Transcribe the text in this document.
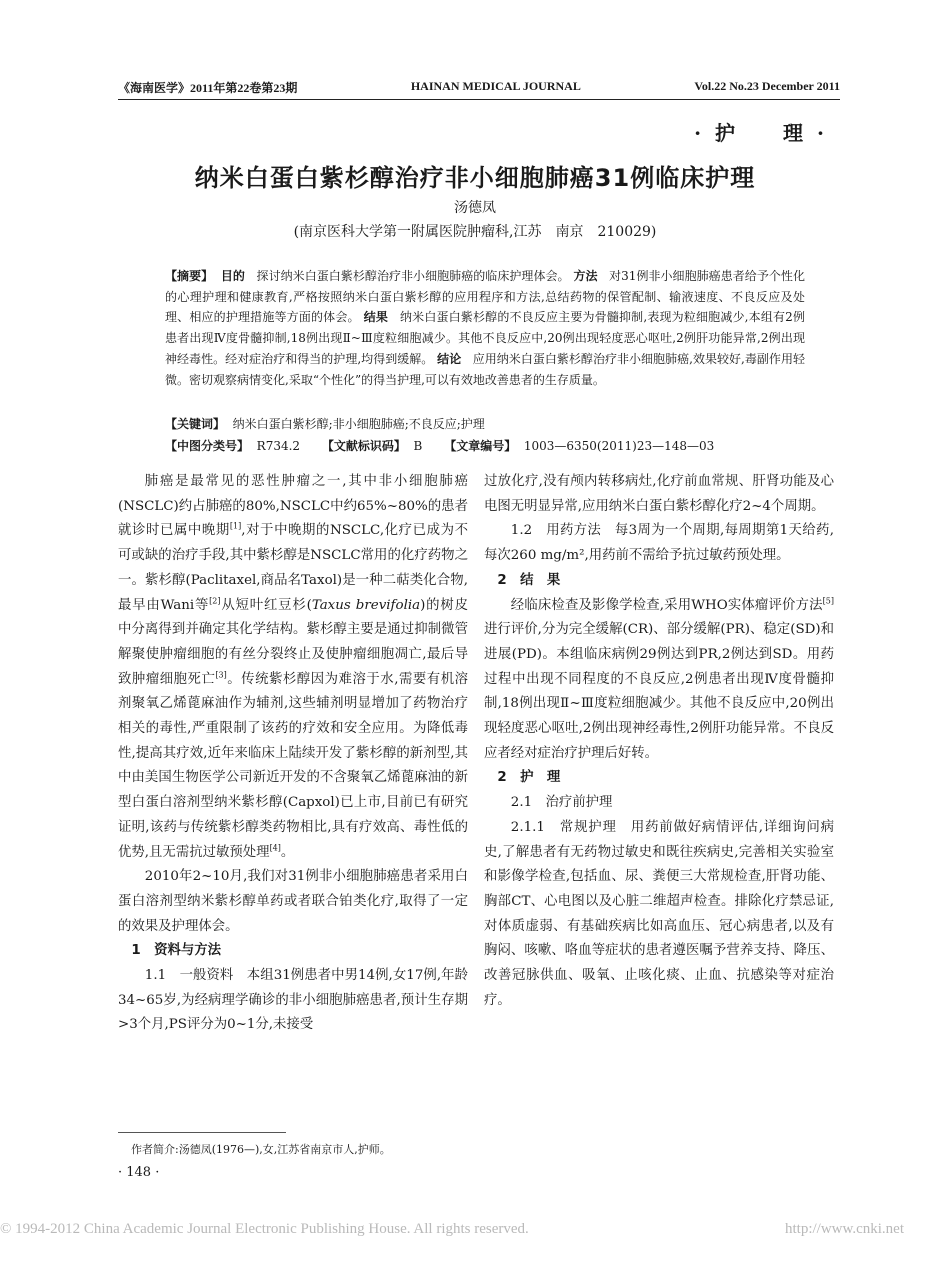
《海南医学》2011年第22卷第23期	HAINAN MEDICAL JOURNAL	Vol.22 No.23 December 2011
·护　理·
纳米白蛋白紫杉醇治疗非小细胞肺癌31例临床护理
汤德凤
(南京医科大学第一附属医院肿瘤科,江苏　南京　210029)
【摘要】 目的 探讨纳米白蛋白紫杉醇治疗非小细胞肺癌的临床护理体会。 方法 对31例非小细胞肺癌患者给予个性化的心理护理和健康教育,严格按照纳米白蛋白紫杉醇的应用程序和方法,总结药物的保管配制、输液速度、不良反应及处理、相应的护理措施等方面的体会。 结果 纳米白蛋白紫杉醇的不良反应主要为骨髓抑制,表现为粒细胞减少,本组有2例患者出现Ⅳ度骨髓抑制,18例出现Ⅱ~Ⅲ度粒细胞减少。其他不良反应中,20例出现轻度恶心呕吐,2例肝功能异常,2例出现神经毒性。经对症治疗和得当的护理,均得到缓解。 结论 应用纳米白蛋白紫杉醇治疗非小细胞肺癌,效果较好,毒副作用轻微。密切观察病情变化,采取“个性化”的得当护理,可以有效地改善患者的生存质量。
【关键词】 纳米白蛋白紫杉醇;非小细胞肺癌;不良反应;护理
【中图分类号】 R734.2 【文献标识码】 B 【文章编号】 1003—6350(2011)23—148—03

肺癌是最常见的恶性肿瘤之一,其中非小细胞肺癌(NSCLC)约占肺癌的80%,NSCLC中约65%~80%的患者就诊时已属中晚期[1],对于中晚期的NSCLC,化疗已成为不可或缺的治疗手段,其中紫杉醇是NSCLC常用的化疗药物之一。紫杉醇(Paclitaxel,商品名Taxol)是一种二萜类化合物,最早由Wani等[2]从短叶红豆杉(Taxus brevifolia)的树皮中分离得到并确定其化学结构。紫杉醇主要是通过抑制微管解聚使肿瘤细胞的有丝分裂终止及使肿瘤细胞凋亡,最后导致肿瘤细胞死亡[3]。传统紫杉醇因为难溶于水,需要有机溶剂聚氧乙烯蓖麻油作为辅剂,这些辅剂明显增加了药物治疗相关的毒性,严重限制了该药的疗效和安全应用。为降低毒性,提高其疗效,近年来临床上陆续开发了紫杉醇的新剂型,其中由美国生物医学公司新近开发的不含聚氧乙烯蓖麻油的新型白蛋白溶剂型纳米紫杉醇(Capxol)已上市,目前已有研究证明,该药与传统紫杉醇类药物相比,具有疗效高、毒性低的优势,且无需抗过敏预处理[4]。

2010年2~10月,我们对31例非小细胞肺癌患者采用白蛋白溶剂型纳米紫杉醇单药或者联合铂类化疗,取得了一定的效果及护理体会。

1　资料与方法

1.1　一般资料　本组31例患者中男14例,女17例,年龄34~65岁,为经病理学确诊的非小细胞肺癌患者,预计生存期>3个月,PS评分为0~1分,未接受

过放化疗,没有颅内转移病灶,化疗前血常规、肝肾功能及心电图无明显异常,应用纳米白蛋白紫杉醇化疗2~4个周期。

1.2　用药方法　每3周为一个周期,每周期第1天给药,每次260 mg/m²,用药前不需给予抗过敏药预处理。

2　结　果

经临床检查及影像学检查,采用WHO实体瘤评价方法[5]进行评价,分为完全缓解(CR)、部分缓解(PR)、稳定(SD)和进展(PD)。本组临床病例29例达到PR,2例达到SD。用药过程中出现不同程度的不良反应,2例患者出现Ⅳ度骨髓抑制,18例出现Ⅱ~Ⅲ度粒细胞减少。其他不良反应中,20例出现轻度恶心呕吐,2例出现神经毒性,2例肝功能异常。不良反应者经对症治疗护理后好转。

2　护　理

2.1　治疗前护理

2.1.1　常规护理　用药前做好病情评估,详细询问病史,了解患者有无药物过敏史和既往疾病史,完善相关实验室和影像学检查,包括血、尿、粪便三大常规检查,肝肾功能、胸部CT、心电图以及心脏二维超声检查。排除化疗禁忌证,对体质虚弱、有基础疾病比如高血压、冠心病患者,以及有胸闷、咳嗽、咯血等症状的患者遵医嘱予营养支持、降压、改善冠脉供血、吸氧、止咳化痰、止血、抗感染等对症治疗。

作者简介:汤德凤(1976—),女,江苏省南京市人,护师。
· 148 ·
© 1994-2012 China Academic Journal Electronic Publishing House. All rights reserved.	http://www.cnki.net
